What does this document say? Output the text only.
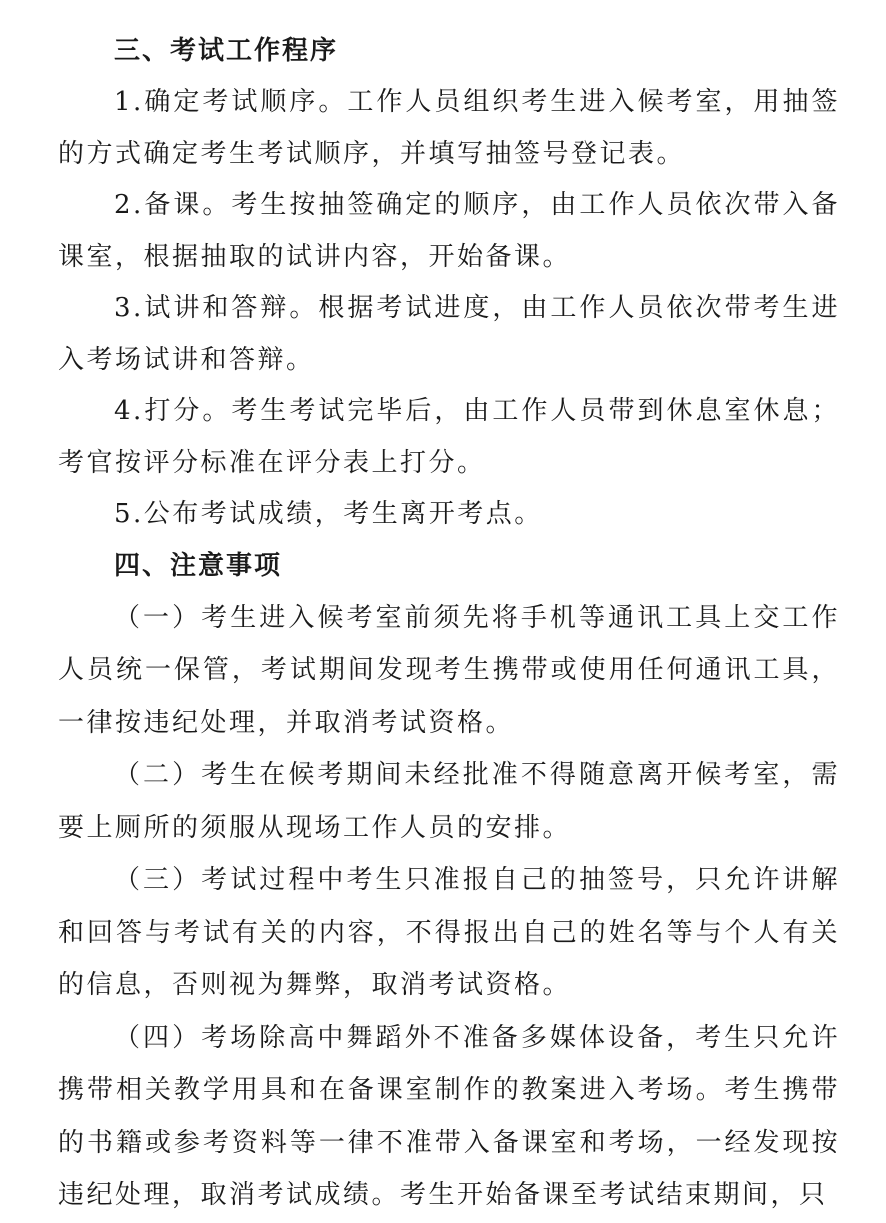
三、考试工作程序

1.确定考试顺序。工作人员组织考生进入候考室，用抽签的方式确定考生考试顺序，并填写抽签号登记表。

2.备课。考生按抽签确定的顺序，由工作人员依次带入备课室，根据抽取的试讲内容，开始备课。

3.试讲和答辩。根据考试进度，由工作人员依次带考生进入考场试讲和答辩。

4.打分。考生考试完毕后，由工作人员带到休息室休息；考官按评分标准在评分表上打分。

5.公布考试成绩，考生离开考点。

四、注意事项

（一）考生进入候考室前须先将手机等通讯工具上交工作人员统一保管，考试期间发现考生携带或使用任何通讯工具，一律按违纪处理，并取消考试资格。

（二）考生在候考期间未经批准不得随意离开候考室，需要上厕所的须服从现场工作人员的安排。

（三）考试过程中考生只准报自己的抽签号，只允许讲解和回答与考试有关的内容，不得报出自己的姓名等与个人有关的信息，否则视为舞弊，取消考试资格。

（四）考场除高中舞蹈外不准备多媒体设备，考生只允许携带相关教学用具和在备课室制作的教案进入考场。考生携带的书籍或参考资料等一律不准带入备课室和考场，一经发现按违纪处理，取消考试成绩。考生开始备课至考试结束期间，只
